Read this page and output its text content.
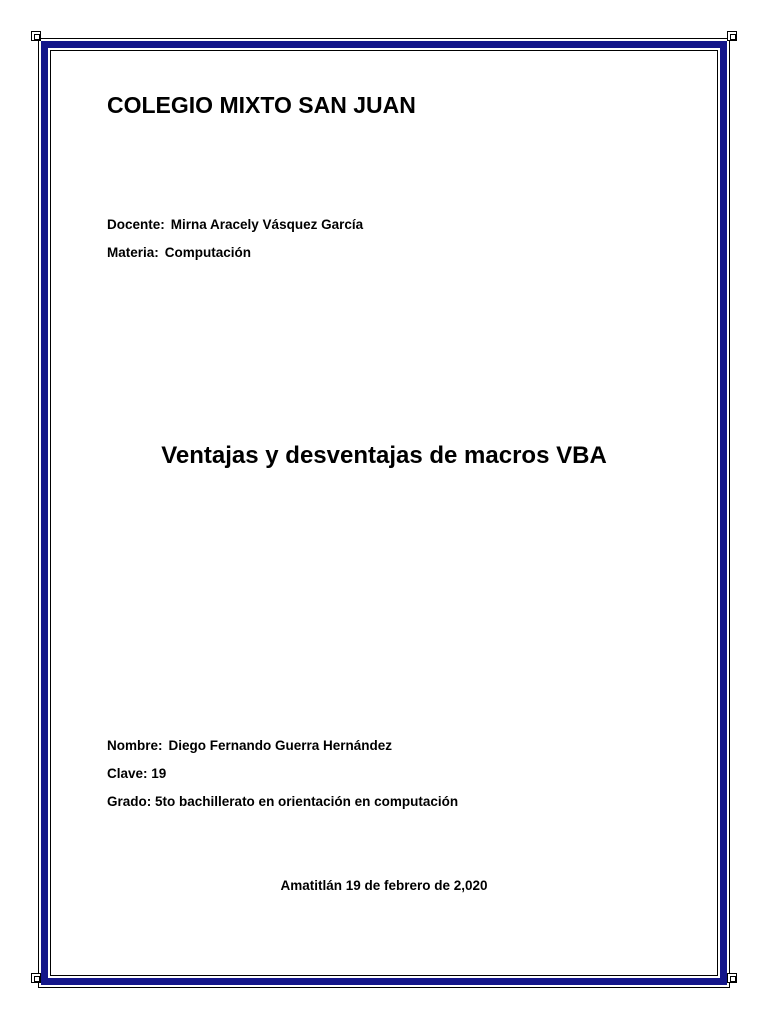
COLEGIO MIXTO SAN JUAN
Docente: Mirna Aracely Vásquez García
Materia: Computación
Ventajas y desventajas de macros VBA
Nombre: Diego Fernando Guerra Hernández
Clave: 19
Grado: 5to bachillerato en orientación en computación
Amatitlán 19 de febrero de 2,020
